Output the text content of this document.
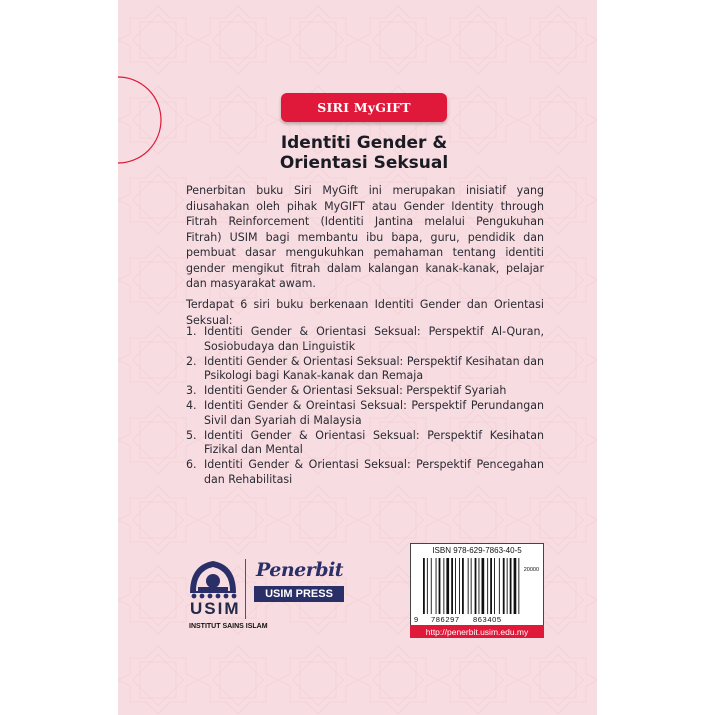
SIRI MyGIFT
Identiti Gender &
Orientasi Seksual
Penerbitan buku Siri MyGift ini merupakan inisiatif yang diusahakan oleh pihak MyGIFT atau Gender Identity through Fitrah Reinforcement (Identiti Jantina melalui Pengukuhan Fitrah) USIM bagi membantu ibu bapa, guru, pendidik dan pembuat dasar mengukuhkan pemahaman tentang identiti gender mengikut fitrah dalam kalangan kanak-kanak, pelajar dan masyarakat awam.
Terdapat 6 siri buku berkenaan Identiti Gender dan Orientasi Seksual:
1. Identiti Gender & Orientasi Seksual: Perspektif Al-Quran, Sosiobudaya dan Linguistik
2. Identiti Gender & Orientasi Seksual: Perspektif Kesihatan dan Psikologi bagi Kanak-kanak dan Remaja
3. Identiti Gender & Orientasi Seksual: Perspektif Syariah
4. Identiti Gender & Oreintasi Seksual: Perspektif Perundangan Sivil dan Syariah di Malaysia
5. Identiti Gender & Orientasi Seksual: Perspektif Kesihatan Fizikal dan Mental
6. Identiti Gender & Orientasi Seksual: Perspektif Pencegahan dan Rehabilitasi
USIM
INSTITUT SAINS ISLAM
Penerbit
USIM PRESS
ISBN 978-629-7863-40-5
20000
9 786297 863405
http://penerbit.usim.edu.my
